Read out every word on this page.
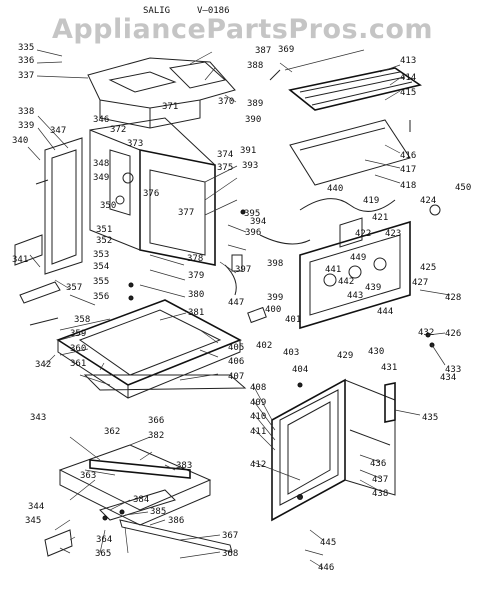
SALIG	V—0186
335
336
337
338
339
340
341
342
343
344
345
346
347
348
349
350
351
352
353
354
355
356
357
358
359
360
361
362
363
364
365
366
367
368
369
370
371
372
373
374
375
376
377
378
379
380
381
382
383
384
385
386
387
388
389
390
391
393
394
395
396
397
398
399
400
401
402
403
404
405
406
407
408
409
410
411
412
413
414
415
416
417
418
419
421
422 423
424
425
426
427
428
429 430
431
432
433
434
435
436
437
438
439
440
441
442
443
444
445
446
447
449
450
AppliancePartsPros.com
